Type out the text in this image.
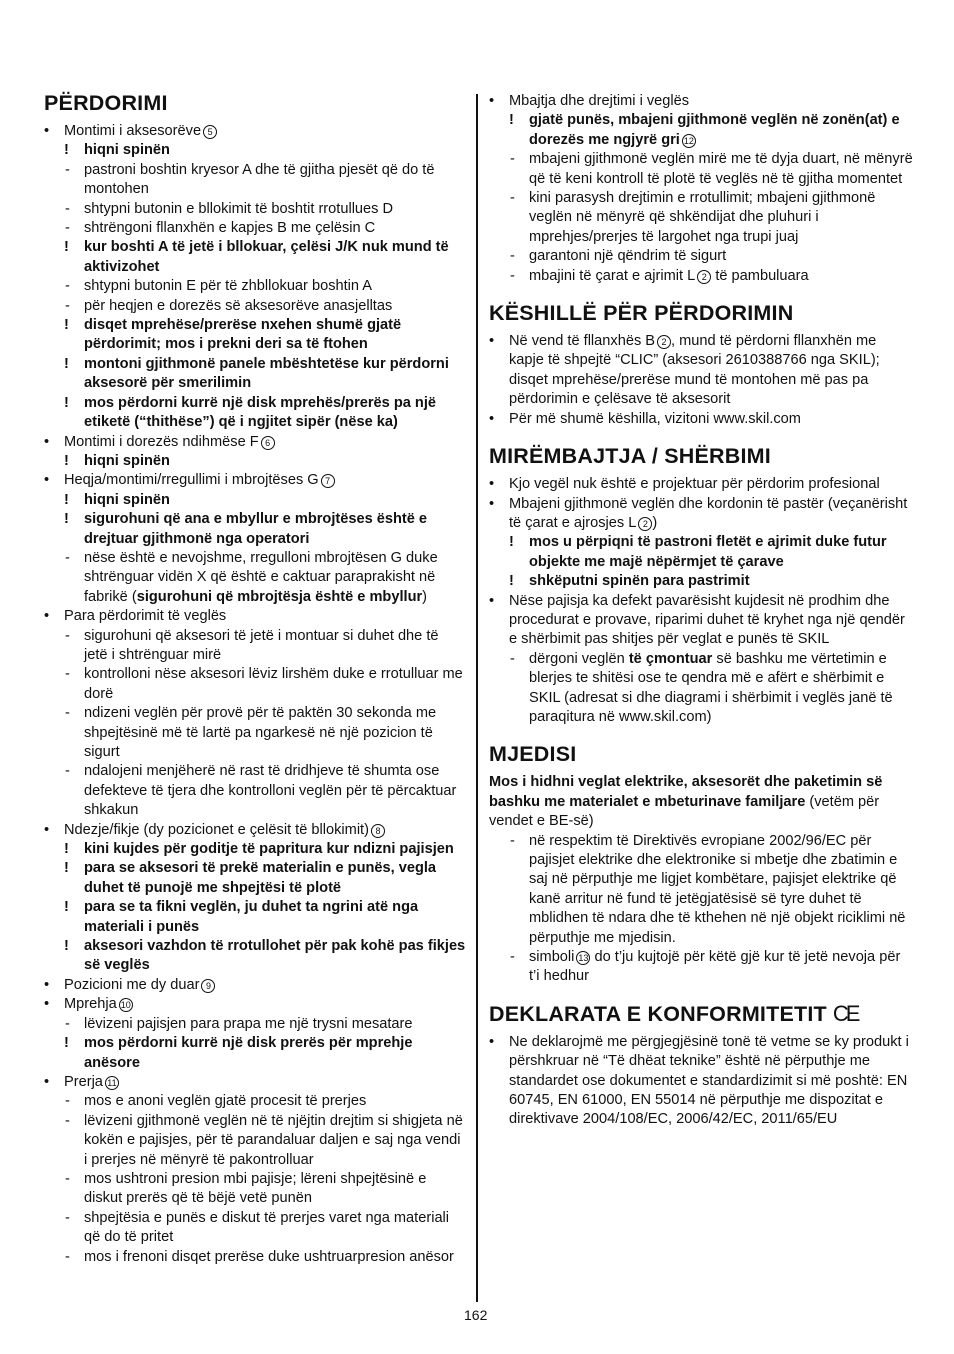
PËRDORIMI
• Montimi i aksesorëve 5
! hiqni spinën
- pastroni boshtin kryesor A dhe të gjitha pjesët që do të montohen
- shtypni butonin e bllokimit të boshtit rrotullues D
- shtrëngoni fllanxhën e kapjes B me çelësin C
! kur boshti A të jetë i bllokuar, çelësi J/K nuk mund të aktivizohet
- shtypni butonin E për të zhbllokuar boshtin A
- për heqjen e dorezës së aksesorëve anasjelltas
! disqet mprehëse/prerëse nxehen shumë gjatë përdorimit; mos i prekni deri sa të ftohen
! montoni gjithmonë panele mbështetëse kur përdorni aksesorë për smerilimin
! mos përdorni kurrë një disk mprehës/prerës pa një etiketë (“thithëse”) që i ngjitet sipër (nëse ka)
• Montimi i dorezës ndihmëse F 6
! hiqni spinën
• Heqja/montimi/rregullimi i mbrojtëses G 7
! hiqni spinën
! sigurohuni që ana e mbyllur e mbrojtëses është e drejtuar gjithmonë nga operatori
- nëse është e nevojshme, rregulloni mbrojtësen G duke shtrënguar vidën X që është e caktuar paraprakisht në fabrikë (sigurohuni që mbrojtësja është e mbyllur)
• Para përdorimit të veglës
- sigurohuni që aksesori të jetë i montuar si duhet dhe të jetë i shtrënguar mirë
- kontrolloni nëse aksesori lëviz lirshëm duke e rrotulluar me dorë
- ndizeni veglën për provë për të paktën 30 sekonda me shpejtësinë më të lartë pa ngarkesë në një pozicion të sigurt
- ndalojeni menjëherë në rast të dridhjeve të shumta ose defekteve të tjera dhe kontrolloni veglën për të përcaktuar shkakun
• Ndezje/fikje (dy pozicionet e çelësit të bllokimit) 8
! kini kujdes për goditje të papritura kur ndizni pajisjen
! para se aksesori të prekë materialin e punës, vegla duhet të punojë me shpejtësi të plotë
! para se ta fikni veglën, ju duhet ta ngrini atë nga materiali i punës
! aksesori vazhdon të rrotullohet për pak kohë pas fikjes së veglës
• Pozicioni me dy duar 9
• Mprehja 10
- lëvizeni pajisjen para prapa me një trysni mesatare
! mos përdorni kurrë një disk prerës për mprehje anësore
• Prerja 11
- mos e anoni veglën gjatë procesit të prerjes
- lëvizeni gjithmonë veglën në të njëjtin drejtim si shigjeta në kokën e pajisjes, për të parandaluar daljen e saj nga vendi i prerjes në mënyrë të pakontrolluar
- mos ushtroni presion mbi pajisje; lëreni shpejtësinë e diskut prerës që të bëjë vetë punën
- shpejtësia e punës e diskut të prerjes varet nga materiali që do të pritet
- mos i frenoni disqet prerëse duke ushtruarpresion anësor
• Mbajtja dhe drejtimi i veglës
! gjatë punës, mbajeni gjithmonë veglën në zonën(at) e dorezës me ngjyrë gri 12
- mbajeni gjithmonë veglën mirë me të dyja duart, në mënyrë që të keni kontroll të plotë të veglës në të gjitha momentet
- kini parasysh drejtimin e rrotullimit; mbajeni gjithmonë veglën në mënyrë që shkëndijat dhe pluhuri i mprehjes/prerjes të largohet nga trupi juaj
- garantoni një qëndrim të sigurt
- mbajini të çarat e ajrimit L 2 të pambuluara
KËSHILLË PËR PËRDORIMIN
• Në vend të fllanxhës B 2 , mund të përdorni fllanxhën me kapje të shpejtë “CLIC” (aksesori 2610388766 nga SKIL); disqet mprehëse/prerëse mund të montohen më pas pa përdorimin e çelësave të aksesorit
• Për më shumë këshilla, vizitoni www.skil.com
MIRËMBAJTJA / SHËRBIMI
• Kjo vegël nuk është e projektuar për përdorim profesional
• Mbajeni gjithmonë veglën dhe kordonin të pastër (veçanërisht të çarat e ajrosjes L 2 )
! mos u përpiqni të pastroni fletët e ajrimit duke futur objekte me majë nëpërmjet të çarave
! shkëputni spinën para pastrimit
• Nëse pajisja ka defekt pavarësisht kujdesit në prodhim dhe procedurat e provave, riparimi duhet të kryhet nga një qendër e shërbimit pas shitjes për veglat e punës të SKIL
- dërgoni veglën të çmontuar së bashku me vërtetimin e blerjes te shitësi ose te qendra më e afërt e shërbimit e SKIL (adresat si dhe diagrami i shërbimit i veglës janë të paraqitura në www.skil.com)
MJEDISI
Mos i hidhni veglat elektrike, aksesorët dhe paketimin së bashku me materialet e mbeturinave familjare (vetëm për vendet e BE-së)
- në respektim të Direktivës evropiane 2002/96/EC për pajisjet elektrike dhe elektronike si mbetje dhe zbatimin e saj në përputhje me ligjet kombëtare, pajisjet elektrike që kanë arritur në fund të jetëgjatësisë së tyre duhet të mblidhen të ndara dhe të kthehen në një objekt riciklimi në përputhje me mjedisin.
- simboli 13 do t’ju kujtojë për këtë gjë kur të jetë nevoja për t’i hedhur
DEKLARATA E KONFORMITETIT CE
• Ne deklarojmë me përgjegjësinë tonë të vetme se ky produkt i përshkruar në “Të dhëat teknike” është në përputhje me standardet ose dokumentet e standardizimit si më poshtë: EN 60745, EN 61000, EN 55014 në përputhje me dispozitat e direktivave 2004/108/EC, 2006/42/EC, 2011/65/EU
162
